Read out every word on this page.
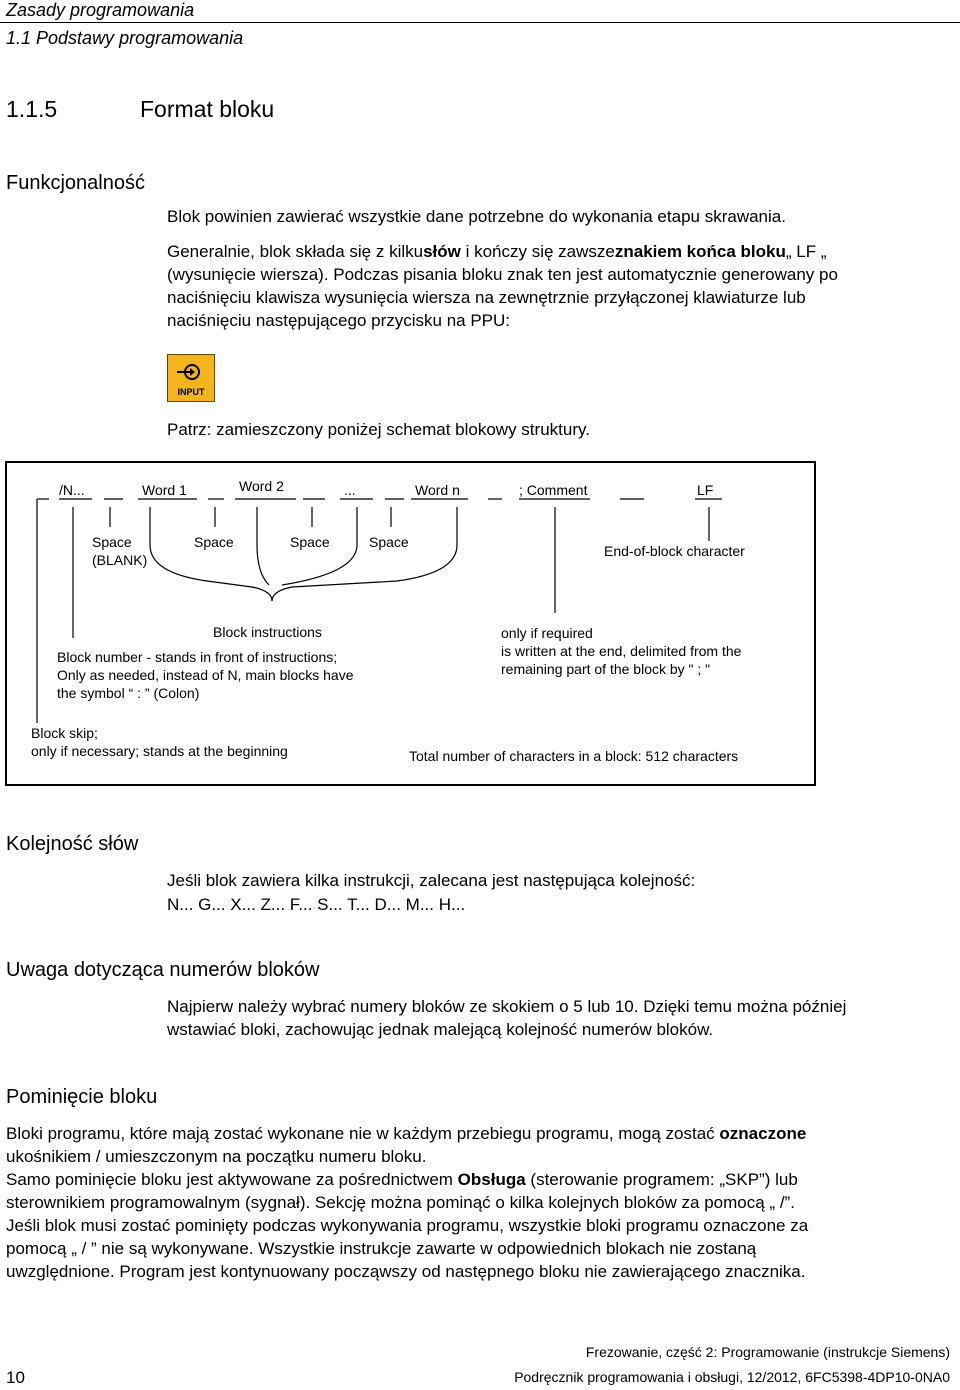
Zasady programowania
1.1 Podstawy programowania
1.1.5	Format bloku
Funkcjonalność
Blok powinien zawierać wszystkie dane potrzebne do wykonania etapu skrawania.
Generalnie, blok składa się z kilkusłów i kończy się zawszeznakiem końca bloku„ LF „
(wysunięcie wiersza). Podczas pisania bloku znak ten jest automatycznie generowany po
naciśnięciu klawisza wysunięcia wiersza na zewnętrznie przyłączonej klawiaturze lub
naciśnięciu następującego przycisku na PPU:
INPUT
Patrz: zamieszczony poniżej schemat blokowy struktury.
/N...	Word 1	Word 2	...	Word n	; Comment	LF
Space
(BLANK)
Space	Space	Space
End-of-block character
Block instructions	only if required
is written at the end, delimited from the
remaining part of the block by " ; "
Block number - stands in front of instructions;
Only as needed, instead of N, main blocks have
the symbol “ : ” (Colon)
Block skip;
only if necessary; stands at the beginning	Total number of characters in a block: 512 characters
Kolejność słów
Jeśli blok zawiera kilka instrukcji, zalecana jest następująca kolejność:
N... G... X... Z... F... S... T... D... M... H...
Uwaga dotycząca numerów bloków
Najpierw należy wybrać numery bloków ze skokiem o 5 lub 10. Dzięki temu można później
wstawiać bloki, zachowując jednak malejącą kolejność numerów bloków.
Pominięcie bloku
Bloki programu, które mają zostać wykonane nie w każdym przebiegu programu, mogą zostać oznaczone
ukośnikiem / umieszczonym na początku numeru bloku.
Samo pominięcie bloku jest aktywowane za pośrednictwem Obsługa (sterowanie programem: „SKP”) lub
sterownikiem programowalnym (sygnał). Sekcję można pominąć o kilka kolejnych bloków za pomocą „ /”.
Jeśli blok musi zostać pominięty podczas wykonywania programu, wszystkie bloki programu oznaczone za
pomocą „ / ” nie są wykonywane. Wszystkie instrukcje zawarte w odpowiednich blokach nie zostaną
uwzględnione. Program jest kontynuowany począwszy od następnego bloku nie zawierającego znacznika.
Frezowanie, część 2: Programowanie (instrukcje Siemens)
Podręcznik programowania i obsługi, 12/2012, 6FC5398-4DP10-0NA0
10
